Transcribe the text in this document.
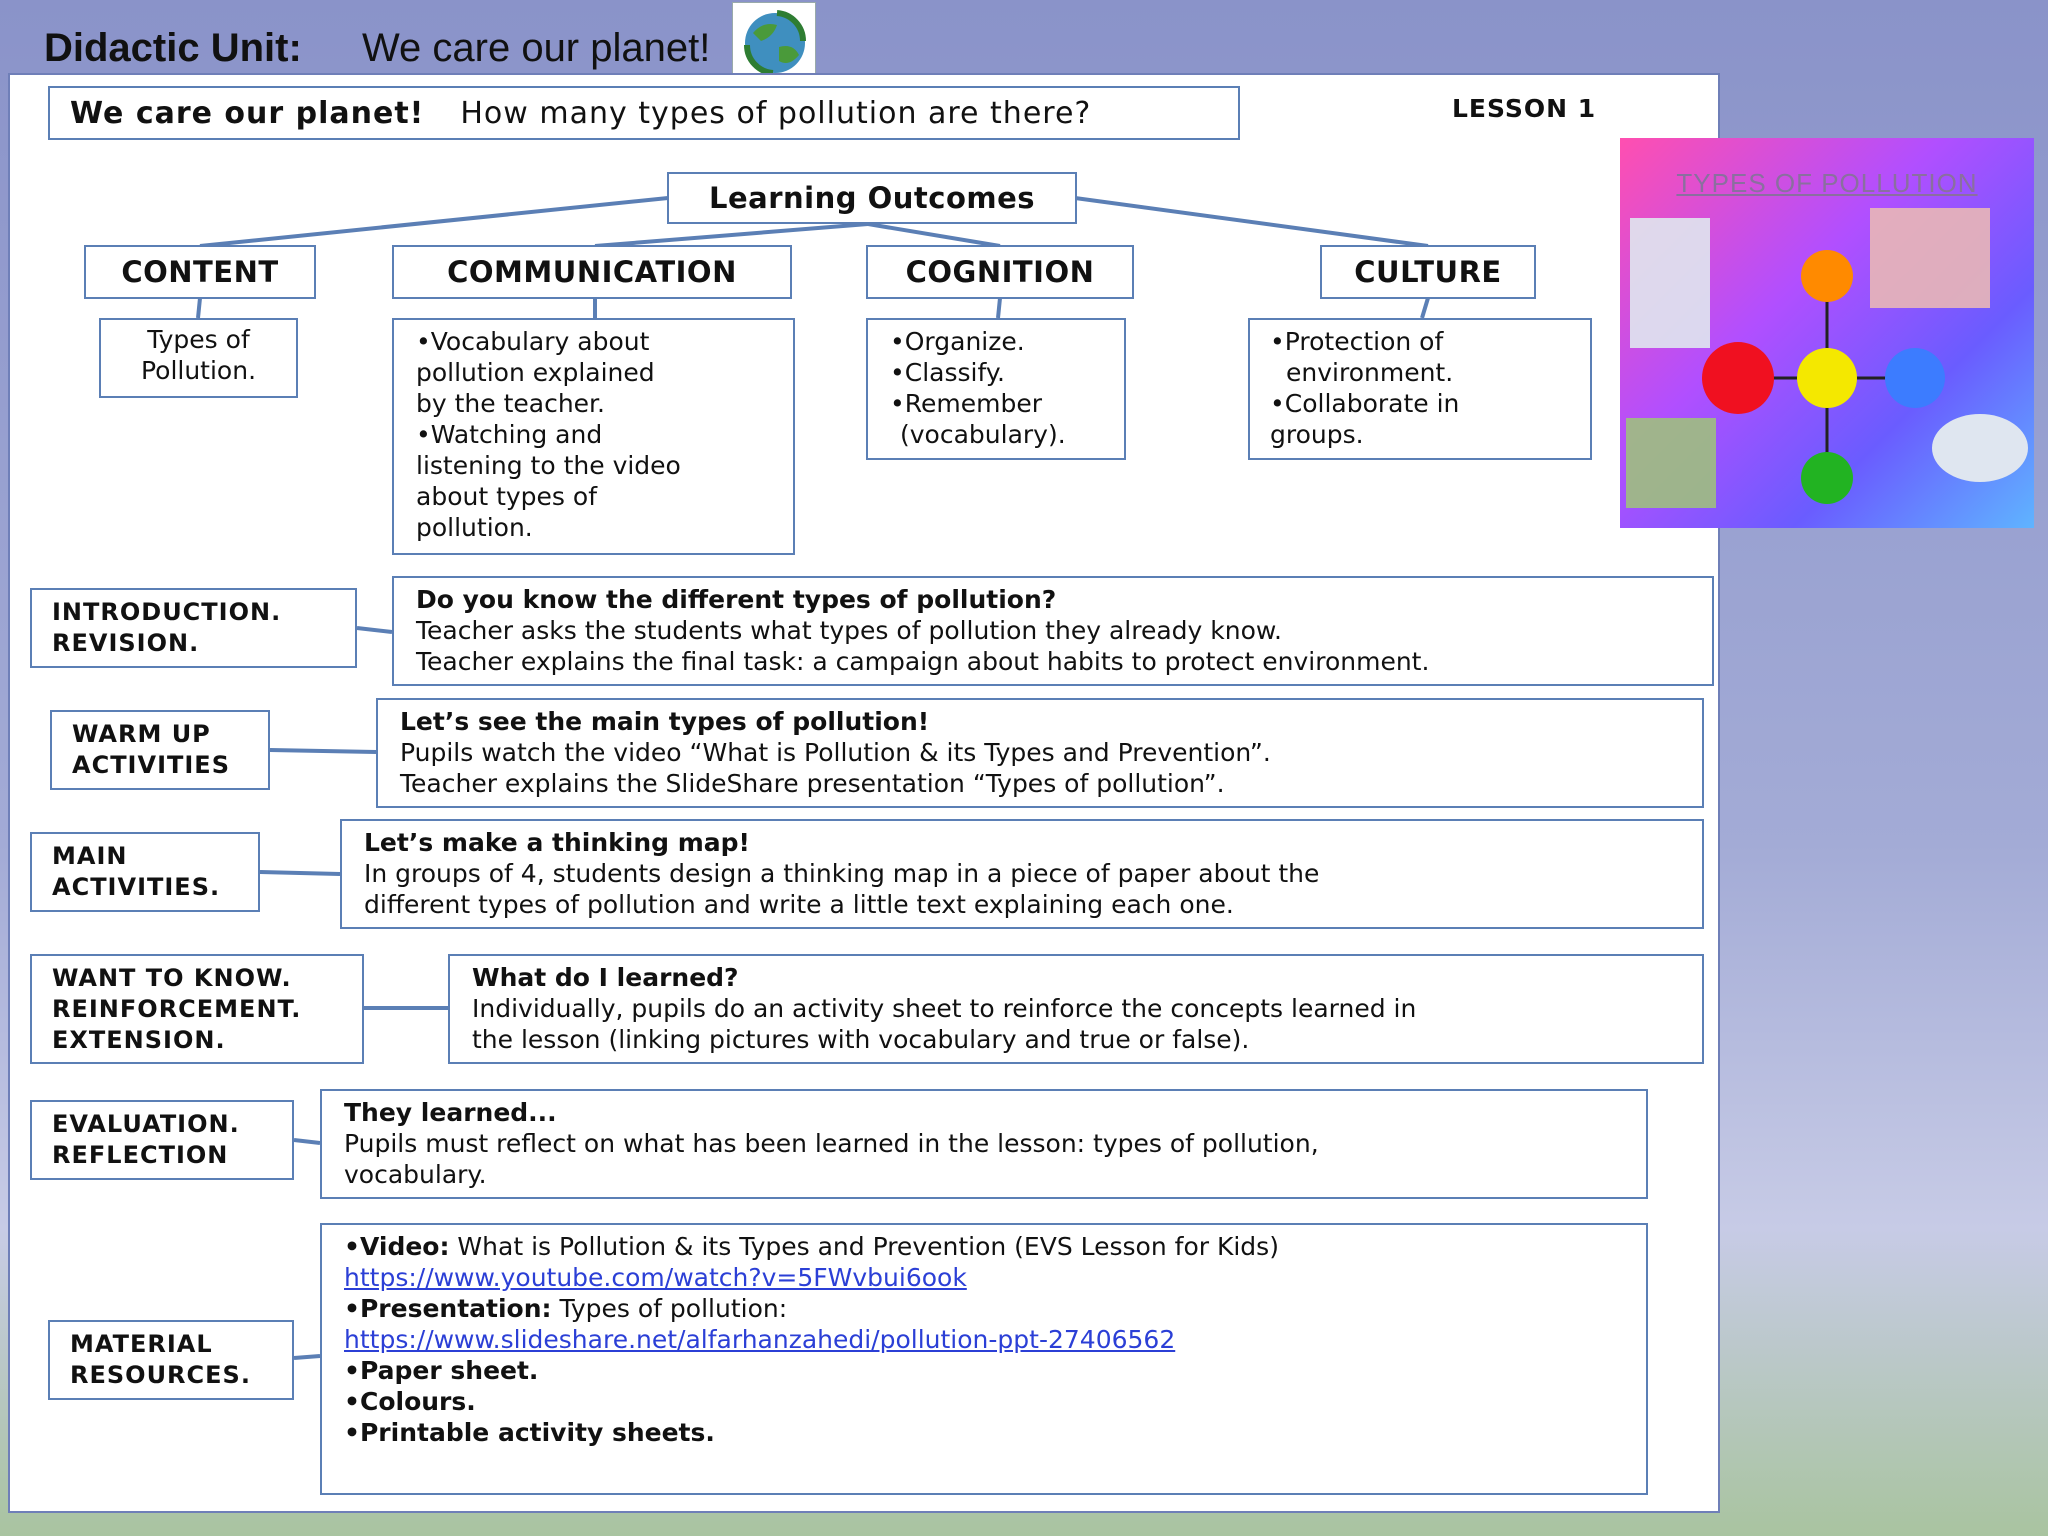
Didactic Unit: We care our planet!
We care our planet! How many types of pollution are there?	LESSON 1
Learning Outcomes
CONTENT	COMMUNICATION	COGNITION	CULTURE
Types of
Pollution.
•Vocabulary about
pollution explained
by the teacher.
•Watching and
listening to the video
about types of
pollution.
•Organize.
•Classify.
•Remember
(vocabulary).
•Protection of
environment.
•Collaborate in
groups.
TYPES OF POLLUTION
INTRODUCTION.
REVISION.
Do you know the different types of pollution?
Teacher asks the students what types of pollution they already know.
Teacher explains the final task: a campaign about habits to protect environment.
WARM UP
ACTIVITIES
Let’s see the main types of pollution!
Pupils watch the video “What is Pollution & its Types and Prevention”.
Teacher explains the SlideShare presentation “Types of pollution”.
MAIN
ACTIVITIES.
Let’s make a thinking map!
In groups of 4, students design a thinking map in a piece of paper about the
different types of pollution and write a little text explaining each one.
WANT TO KNOW.
REINFORCEMENT.
EXTENSION.
What do I learned?
Individually, pupils do an activity sheet to reinforce the concepts learned in
the lesson (linking pictures with vocabulary and true or false).
EVALUATION.
REFLECTION
They learned...
Pupils must reflect on what has been learned in the lesson: types of pollution,
vocabulary.
MATERIAL
RESOURCES.
•Video: What is Pollution & its Types and Prevention (EVS Lesson for Kids)
https://www.youtube.com/watch?v=5FWvbui6ook
•Presentation: Types of pollution:
https://www.slideshare.net/alfarhanzahedi/pollution-ppt-27406562
•Paper sheet.
•Colours.
•Printable activity sheets.
